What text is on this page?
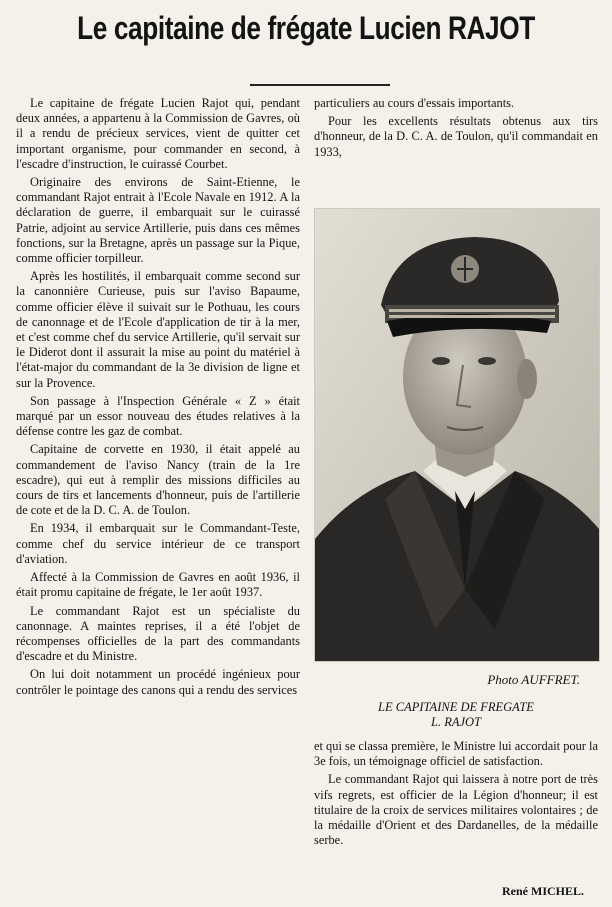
Le capitaine de frégate Lucien RAJOT

Le capitaine de frégate Lucien Rajot qui, pendant deux années, a appartenu à la Commission de Gavres, où il a rendu de précieux services, vient de quitter cet important organisme, pour commander en second, à l'escadre d'instruction, le cuirassé Courbet.

Originaire des environs de Saint-Etienne, le commandant Rajot entrait à l'Ecole Navale en 1912. A la déclaration de guerre, il embarquait sur le cuirassé Patrie, adjoint au service Artillerie, puis dans ces mêmes fonctions, sur la Bretagne, après un passage sur la Pique, comme officier torpilleur.

Après les hostilités, il embarquait comme second sur la canonnière Curieuse, puis sur l'aviso Bapaume, comme officier élève il suivait sur le Pothuau, les cours de canonnage et de l'Ecole d'application de tir à la mer, et c'est comme chef du service Artillerie, qu'il servait sur le Diderot dont il assurait la mise au point du matériel à l'état-major du commandant de la 3e division de ligne et sur la Provence.

Son passage à l'Inspection Générale « Z » était marqué par un essor nouveau des études relatives à la défense contre les gaz de combat.

Capitaine de corvette en 1930, il était appelé au commandement de l'aviso Nancy (train de la 1re escadre), qui eut à remplir des missions difficiles au cours de tirs et lancements d'honneur, puis de l'artillerie de cote et de la D. C. A. de Toulon.

En 1934, il embarquait sur le Commandant-Teste, comme chef du service intérieur de ce transport d'aviation.

Affecté à la Commission de Gavres en août 1936, il était promu capitaine de frégate, le 1er août 1937.

Le commandant Rajot est un spécialiste du canonnage. A maintes reprises, il a été l'objet de récompenses officielles de la part des commandants d'escadre et du Ministre.

On lui doit notamment un procédé ingénieux pour contrôler le pointage des canons qui a rendu des services

particuliers au cours d'essais importants.

Pour les excellents résultats obtenus aux tirs d'honneur, de la D. C. A. de Toulon, qu'il commandait en 1933,

Photo AUFFRET.
LE CAPITAINE DE FREGATE
L. RAJOT

et qui se classa première, le Ministre lui accordait pour la 3e fois, un témoignage officiel de satisfaction.

Le commandant Rajot qui laissera à notre port de très vifs regrets, est officier de la Légion d'honneur; il est titulaire de la croix de services militaires volontaires ; de la médaille d'Orient et des Dardanelles, de la médaille serbe.

René MICHEL.
